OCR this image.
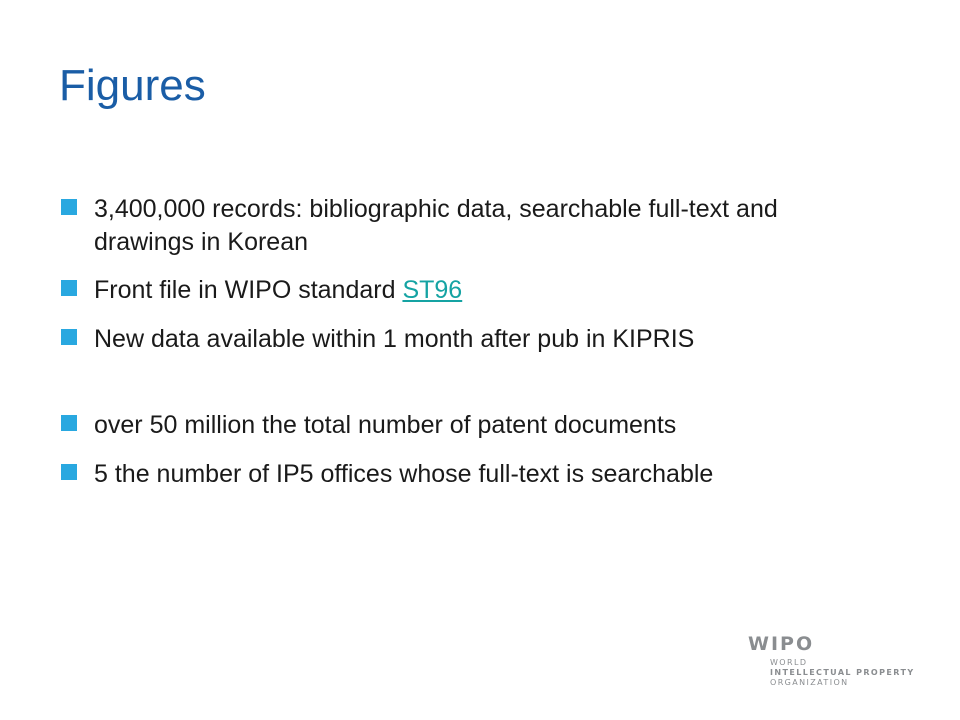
Figures
3,400,000 records: bibliographic data, searchable full-text and drawings in Korean
Front file in WIPO standard ST96
New data available within 1 month after pub in KIPRIS
over 50 million the total number of patent documents
5 the number of IP5 offices whose full-text is searchable
WIPO
WORLD
INTELLECTUAL PROPERTY
ORGANIZATION
